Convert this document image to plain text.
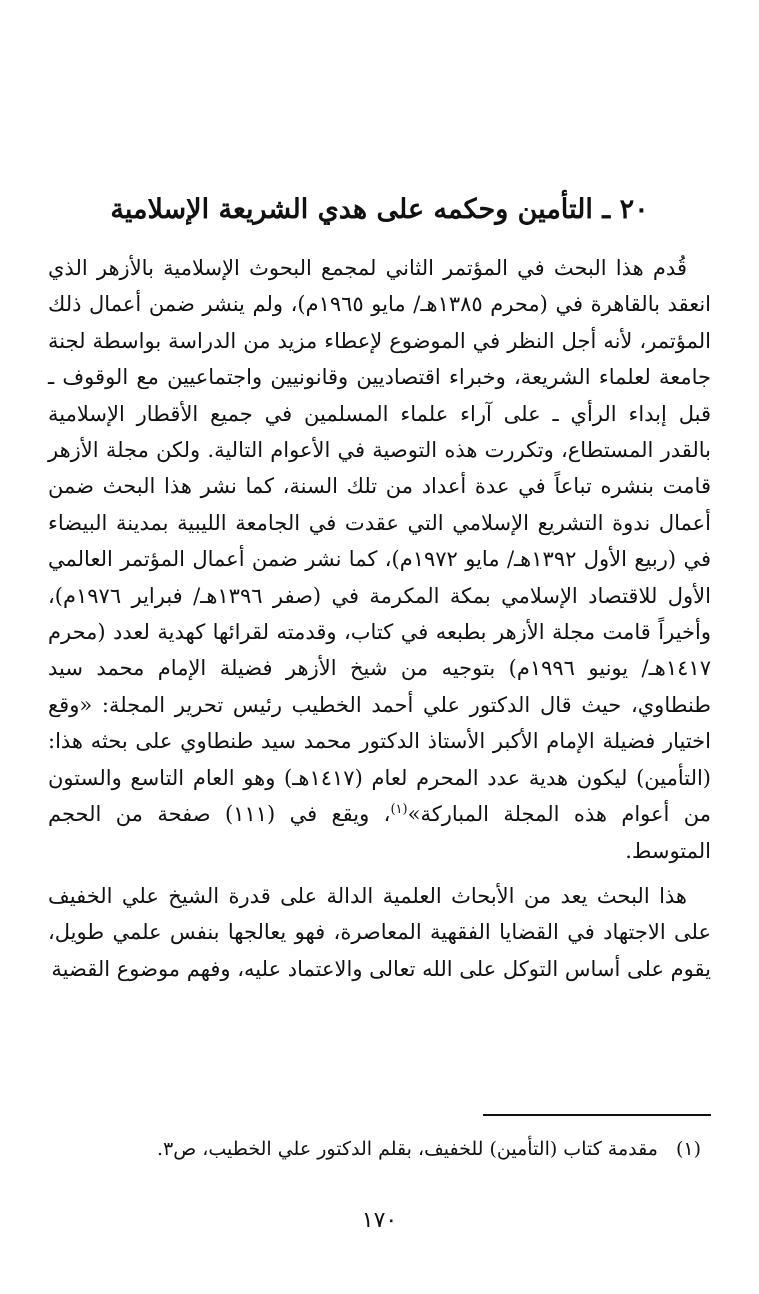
٢٠ ـ التأمين وحكمه على هدي الشريعة الإسلامية

قُدم هذا البحث في المؤتمر الثاني لمجمع البحوث الإسلامية بالأزهر الذي انعقد بالقاهرة في (محرم ١٣٨٥هـ/ مايو ١٩٦٥م)، ولم ينشر ضمن أعمال ذلك المؤتمر، لأنه أجل النظر في الموضوع لإعطاء مزيد من الدراسة بواسطة لجنة جامعة لعلماء الشريعة، وخبراء اقتصاديين وقانونيين واجتماعيين مع الوقوف ـ قبل إبداء الرأي ـ على آراء علماء المسلمين في جميع الأقطار الإسلامية بالقدر المستطاع، وتكررت هذه التوصية في الأعوام التالية. ولكن مجلة الأزهر قامت بنشره تباعاً في عدة أعداد من تلك السنة، كما نشر هذا البحث ضمن أعمال ندوة التشريع الإسلامي التي عقدت في الجامعة الليبية بمدينة البيضاء في (ربيع الأول ١٣٩٢هـ/ مايو ١٩٧٢م)، كما نشر ضمن أعمال المؤتمر العالمي الأول للاقتصاد الإسلامي بمكة المكرمة في (صفر ١٣٩٦هـ/ فبراير ١٩٧٦م)، وأخيراً قامت مجلة الأزهر بطبعه في كتاب، وقدمته لقرائها كهدية لعدد (محرم ١٤١٧هـ/ يونيو ١٩٩٦م) بتوجيه من شيخ الأزهر فضيلة الإمام محمد سيد طنطاوي، حيث قال الدكتور علي أحمد الخطيب رئيس تحرير المجلة: «وقع اختيار فضيلة الإمام الأكبر الأستاذ الدكتور محمد سيد طنطاوي على بحثه هذا: (التأمين) ليكون هدية عدد المحرم لعام (١٤١٧هـ) وهو العام التاسع والستون من أعوام هذه المجلة المباركة»$^{(١)}$، ويقع في (١١١) صفحة من الحجم المتوسط.

هذا البحث يعد من الأبحاث العلمية الدالة على قدرة الشيخ علي الخفيف على الاجتهاد في القضايا الفقهية المعاصرة، فهو يعالجها بنفس علمي طويل، يقوم على أساس التوكل على الله تعالى والاعتماد عليه، وفهم موضوع القضية

(١)مقدمة كتاب (التأمين) للخفيف، بقلم الدكتور علي الخطيب، ص٣.
١٧٠
